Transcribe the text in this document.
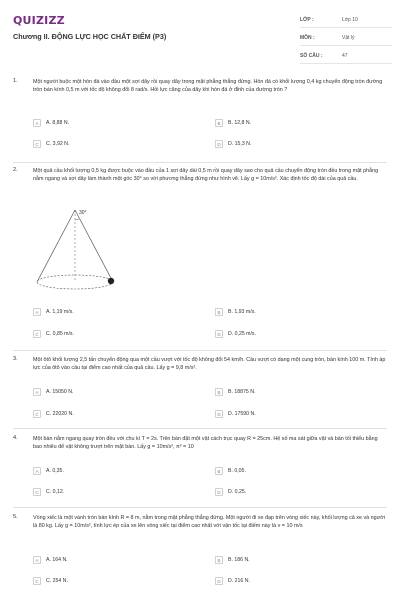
QUIZIZZ
Chương II. ĐỘNG LỰC HỌC CHẤT ĐIỂM (P3)
LỚP :	Lớp 10
MÔN :	Vật lý
SỐ CÂU :	47
1.	Một người buộc một hòn đá vào đầu một sợi dây rồi quay dây trong mặt phẳng thẳng đứng. Hòn đá có khối lượng 0,4 kg chuyển động tròn đường tròn bán kính 0,5 m với tốc độ không đổi 8 rad/s. Hỏi lực căng của dây khi hòn đá ở đỉnh của đường tròn ?
A	A. 8,88 N.	B	B. 12,8 N.
C	C. 3,92 N.	D	D. 15,3 N.
2.	Một quả cầu khối lượng 0,5 kg được buộc vào đầu của 1 sợi dây dài 0,5 m rồi quay dây sao cho quả cầu chuyển động tròn đều trong mặt phẳng nằm ngang và sợi dây làm thành một góc 30° so với phương thẳng đứng như hình vẽ. Lấy g = 10m/s². Xác định tốc độ dài của quả cầu.
30°
A	A. 1,19 m/s.	B	B. 1,93 m/s.
C	C. 0,85 m/s.	D	D. 0,25 m/s.
3.	Một ôtô khối lượng 2,5 tấn chuyển động qua một cầu vượt với tốc độ không đổi 54 km/h. Cầu vượt có dạng một cung tròn, bán kính 100 m. Tính áp lực của ôtô vào cầu tại điểm cao nhất của quả cầu. Lấy g = 9,8 m/s².
A	A. 15050 N.	B	B. 18875 N.
C	C. 22020 N.	D	D. 17590 N.
4.	Một bàn nằm ngang quay tròn đều với chu kì T = 2s. Trên bàn đặt một vật cách trục quay R = 25cm. Hệ số ma sát giữa vật và bàn tối thiểu bằng bao nhiêu để vật không trượt trên mặt bàn. Lấy g = 10m/s², π² = 10
A	A. 0,35.	B	B. 0,05.
C	C. 0,12.	D	D. 0,25.
5.	Vòng xiếc là một vành tròn bán kính R = 8 m, nằm trong mặt phẳng thẳng đứng. Một người đi xe đạp trên vòng xiếc này, khối lượng cả xe và người là 80 kg. Lấy g = 10m/s², tính lực ép của xe lên vòng xiếc tại điểm cao nhất với vận tốc tại điểm này là v = 10 m/s
A	A. 164 N.	B	B. 186 N.
C	C. 254 N.	D	D. 216 N.
